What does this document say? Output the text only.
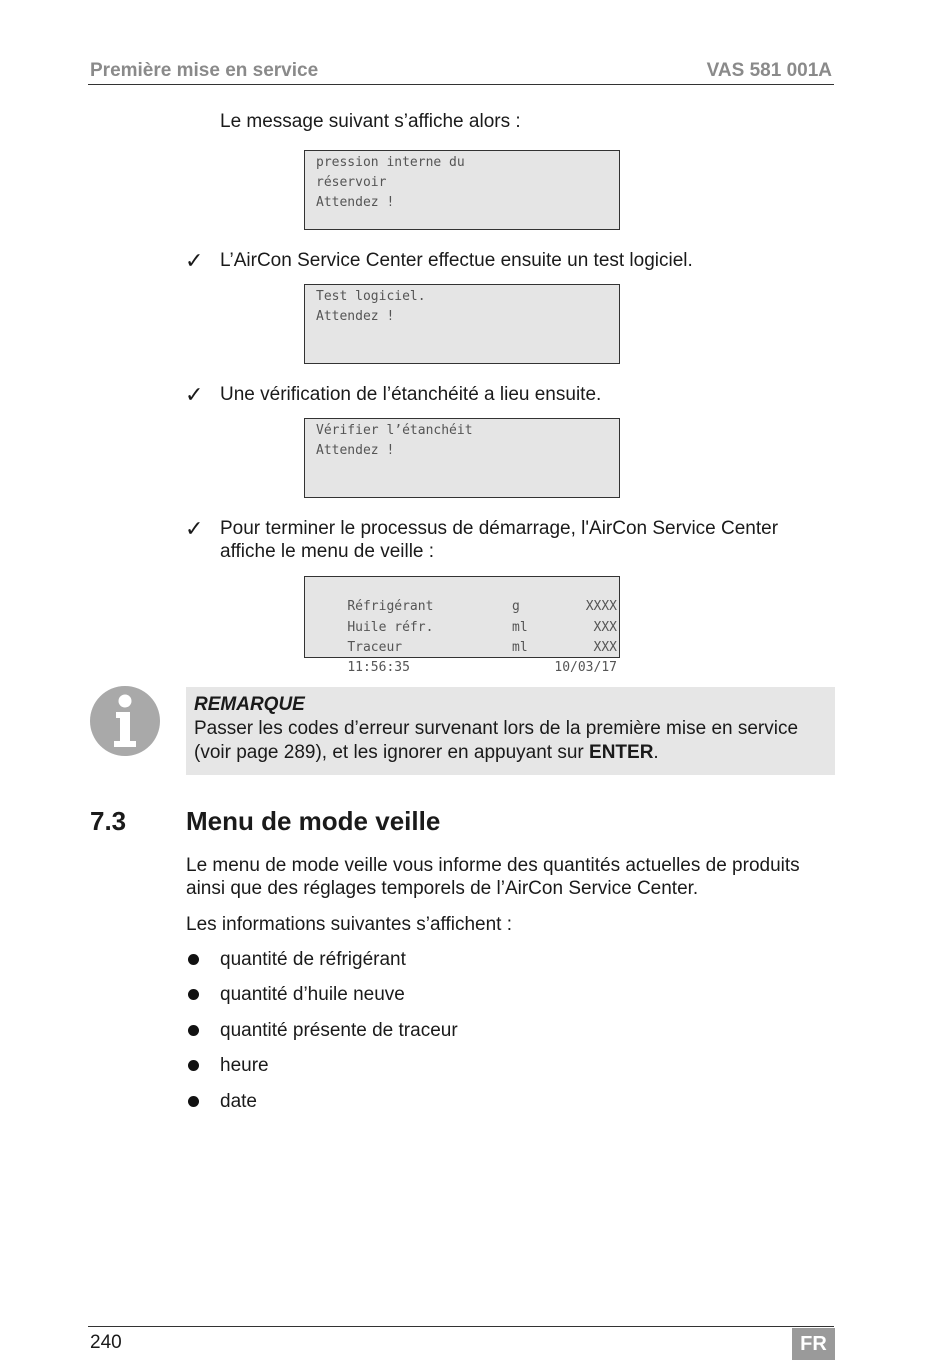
Première mise en service	VAS 581 001A
Le message suivant s’affiche alors :
pression interne du
réservoir
Attendez !
✓ L’AirCon Service Center effectue ensuite un test logiciel.
Test logiciel.
Attendez !
✓ Une vérification de l’étanchéité a lieu ensuite.
Vérifier l’étanchéit
Attendez !
✓ Pour terminer le processus de démarrage, l'AirCon Service Center
affiche le menu de veille :

Réfrigérant	g	XXXX

Huile réfr.	ml	XXX

Traceur	ml	XXX

11:56:35	10/03/17

REMARQUE
Passer les codes d’erreur survenant lors de la première mise en service
(voir page 289), et les ignorer en appuyant sur ENTER.
7.3 Menu de mode veille
Le menu de mode veille vous informe des quantités actuelles de produits
ainsi que des réglages temporels de l’AirCon Service Center.
Les informations suivantes s’affichent :
quantité de réfrigérant
quantité d’huile neuve
quantité présente de traceur
heure
date
240	FR
